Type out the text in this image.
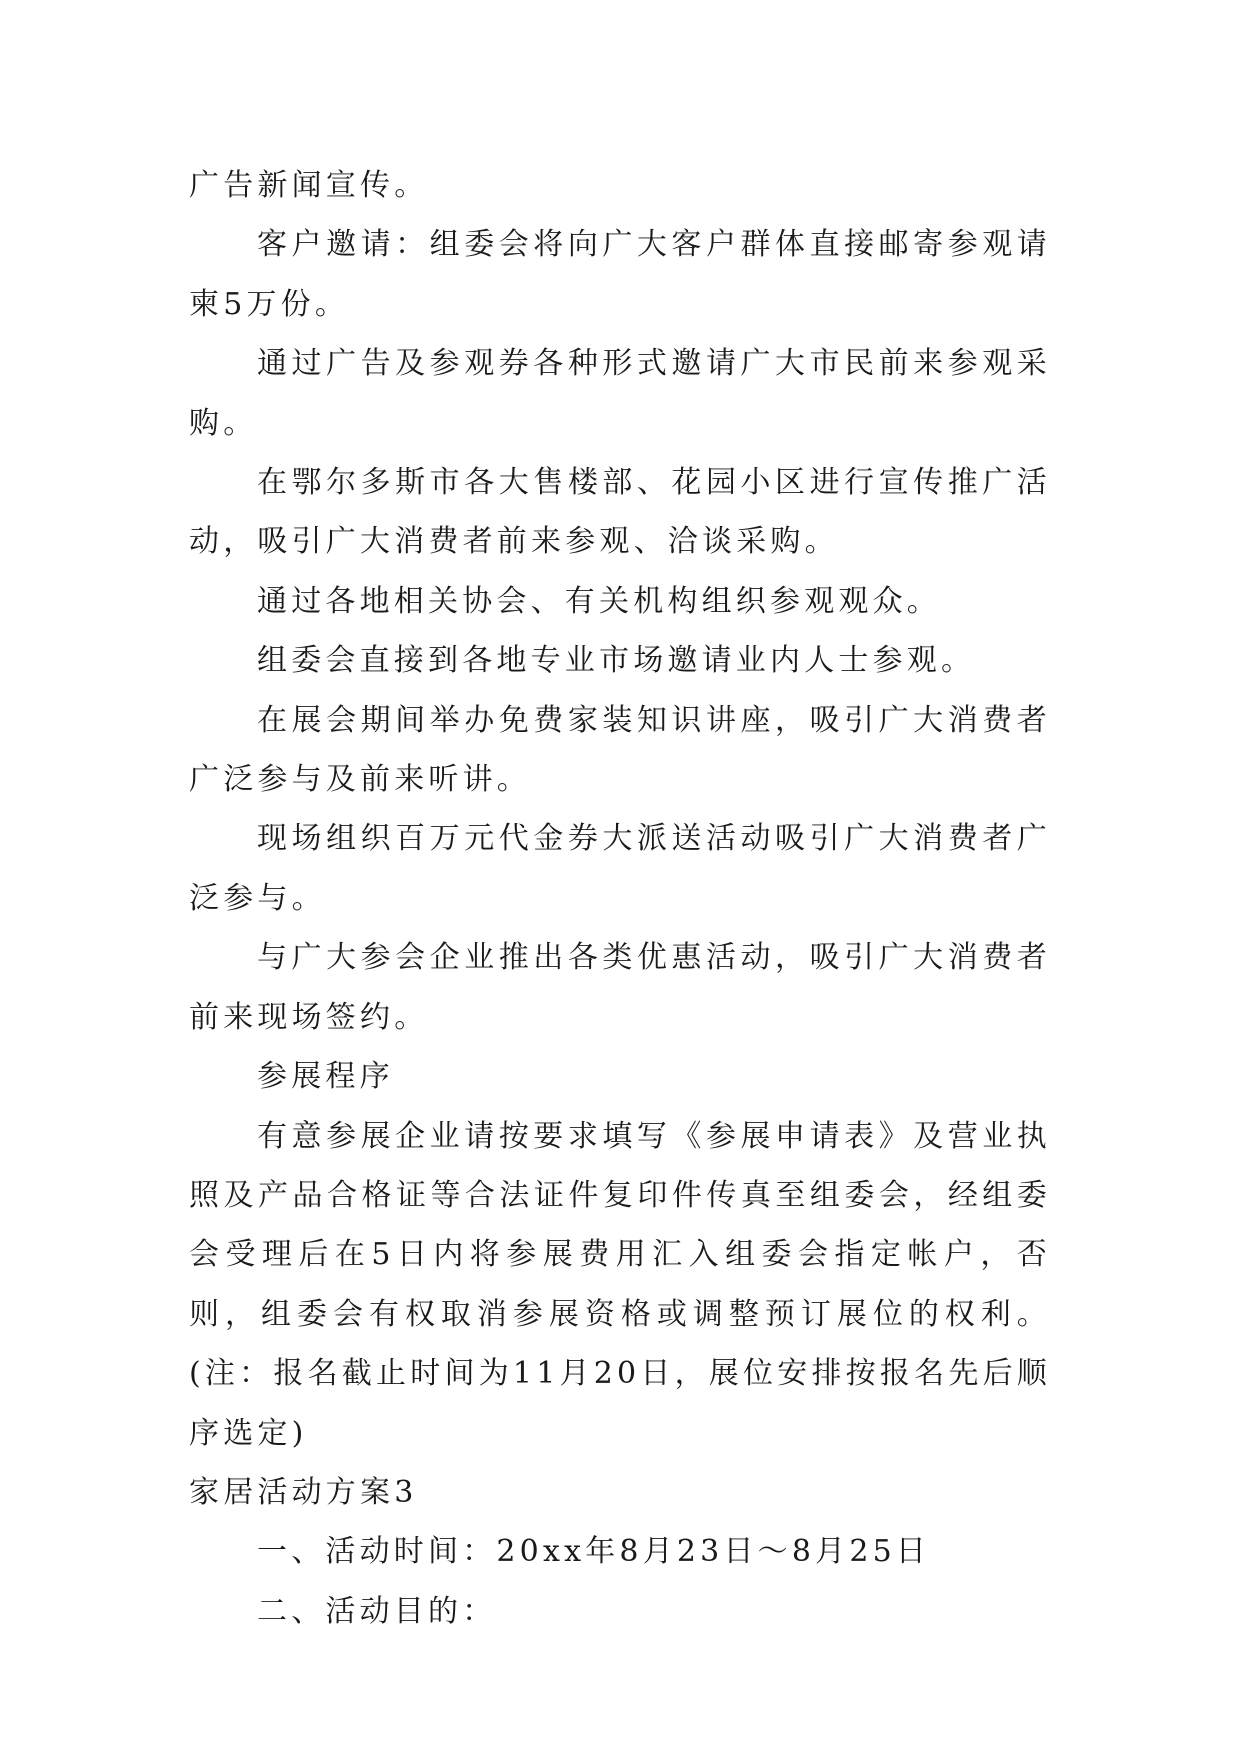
广告新闻宣传。

客户邀请：组委会将向广大客户群体直接邮寄参观请柬5万份。

通过广告及参观券各种形式邀请广大市民前来参观采购。

在鄂尔多斯市各大售楼部、花园小区进行宣传推广活动，吸引广大消费者前来参观、洽谈采购。

通过各地相关协会、有关机构组织参观观众。

组委会直接到各地专业市场邀请业内人士参观。

在展会期间举办免费家装知识讲座，吸引广大消费者广泛参与及前来听讲。

现场组织百万元代金券大派送活动吸引广大消费者广泛参与。

与广大参会企业推出各类优惠活动，吸引广大消费者前来现场签约。

参展程序

有意参展企业请按要求填写《参展申请表》及营业执照及产品合格证等合法证件复印件传真至组委会，经组委会受理后在5日内将参展费用汇入组委会指定帐户，否则，组委会有权取消参展资格或调整预订展位的权利。(注：报名截止时间为11月20日，展位安排按报名先后顺序选定)

家居活动方案3

一、活动时间：20xx年8月23日～8月25日

二、活动目的：
